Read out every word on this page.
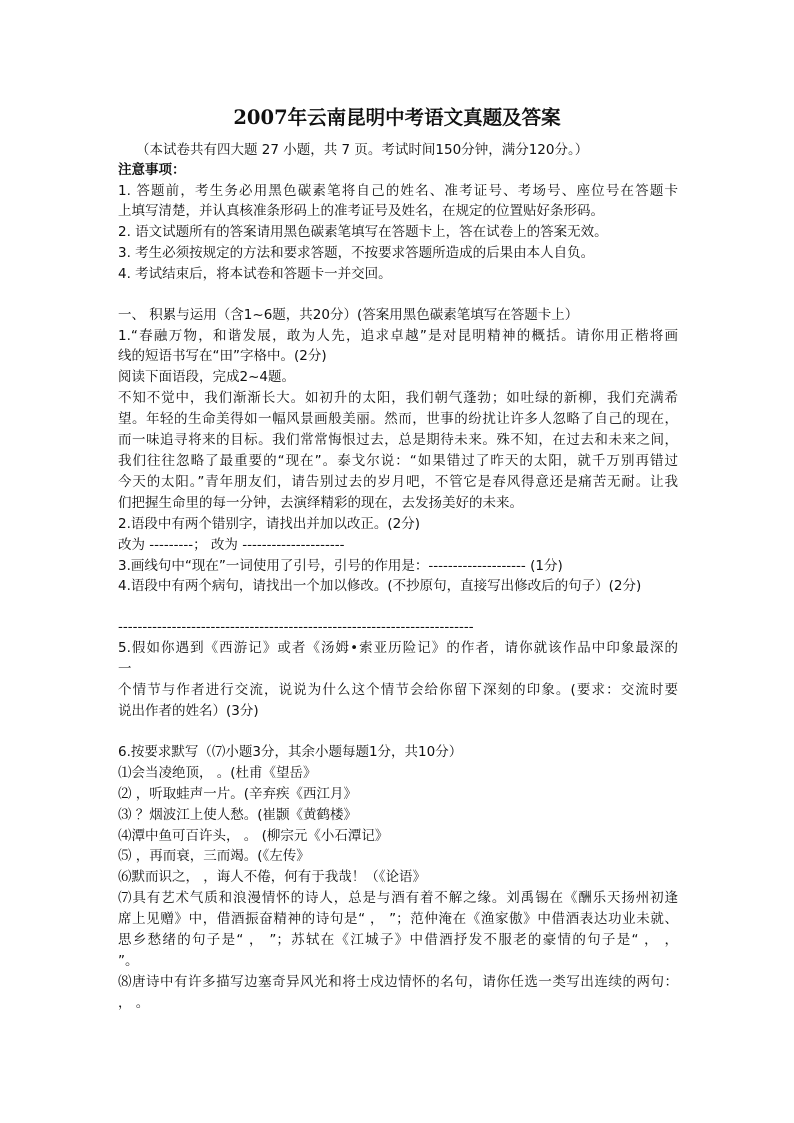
2007年云南昆明中考语文真题及答案
（本试卷共有四大题 27 小题，共 7 页。考试时间150分钟，满分120分。）
注意事项：
1. 答题前，考生务必用黑色碳素笔将自己的姓名、准考证号、考场号、座位号在答题卡
上填写清楚，并认真核准条形码上的准考证号及姓名，在规定的位置贴好条形码。
2. 语文试题所有的答案请用黑色碳素笔填写在答题卡上，答在试卷上的答案无效。
3. 考生必须按规定的方法和要求答题，不按要求答题所造成的后果由本人自负。
4. 考试结束后，将本试卷和答题卡一并交回。
一、 积累与运用（含1~6题，共20分）(答案用黑色碳素笔填写在答题卡上）
1.“春融万物，和谐发展，敢为人先，追求卓越”是对昆明精神的概括。请你用正楷将画
线的短语书写在“田”字格中。(2分)
阅读下面语段，完成2~4题。
不知不觉中，我们渐渐长大。如初升的太阳，我们朝气蓬勃；如吐绿的新柳，我们充满希
望。年轻的生命美得如一幅风景画般美丽。然而，世事的纷扰让许多人忽略了自己的现在，
而一味追寻将来的目标。我们常常悔恨过去，总是期待未来。殊不知，在过去和未来之间，
我们往往忽略了最重要的“现在”。泰戈尔说：“如果错过了昨天的太阳，就千万别再错过
今天的太阳。”青年朋友们，请告别过去的岁月吧，不管它是春风得意还是痛苦无耐。让我
们把握生命里的每一分钟，去演绎精彩的现在，去发扬美好的未来。
2.语段中有两个错别字，请找出并加以改正。(2分)
改为 ---------； 改为 ---------------------
3.画线句中“现在”一词使用了引号，引号的作用是：-------------------- (1分)
4.语段中有两个病句，请找出一个加以修改。(不抄原句，直接写出修改后的句子）(2分)
-------------------------------------------------------------------------
5.假如你遇到《西游记》或者《汤姆•索亚历险记》的作者，请你就该作品中印象最深的
一
个情节与作者进行交流，说说为什么这个情节会给你留下深刻的印象。(要求：交流时要
说出作者的姓名）(3分)
6.按要求默写（⑺小题3分，其余小题每题1分，共10分）
⑴会当凌绝顶， 。(杜甫《望岳》
⑵ ，听取蛙声一片。(辛弃疾《西江月》
⑶ ？烟波江上使人愁。(崔颢《黄鹤楼》
⑷潭中鱼可百许头， 。 (柳宗元《小石潭记》
⑸ ，再而衰，三而竭。(《左传》
⑹默而识之， ，诲人不倦，何有于我哉！（《论语》
⑺具有艺术气质和浪漫情怀的诗人，总是与酒有着不解之缘。刘禹锡在《酬乐天扬州初逢
席上见赠》中，借酒振奋精神的诗句是“ ， ”；范仲淹在《渔家傲》中借酒表达功业未就、
思乡愁绪的句子是“ ， ”；苏轼在《江城子》中借酒抒发不服老的豪情的句子是“ ， ，
”。
⑻唐诗中有许多描写边塞奇异风光和将士戍边情怀的名句，请你任选一类写出连续的两句：
， 。
